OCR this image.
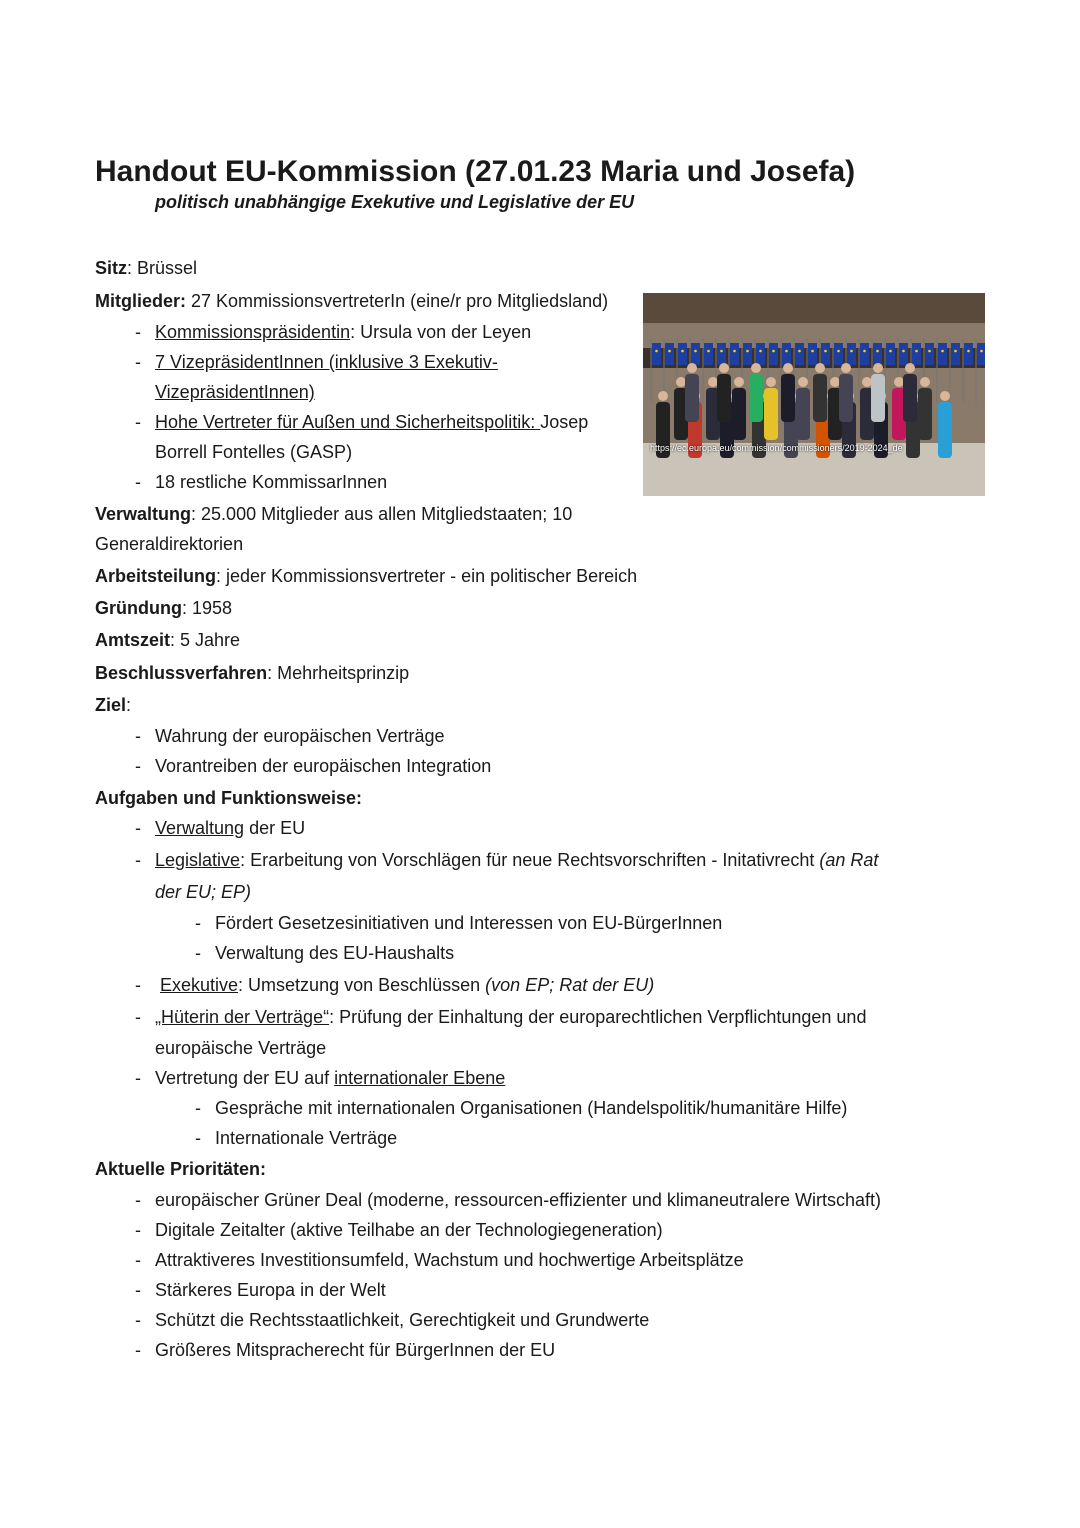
Handout EU-Kommission (27.01.23 Maria und Josefa)
politisch unabhängige Exekutive und Legislative der EU
Sitz: Brüssel
Mitglieder: 27 KommissionsvertreterIn (eine/r pro Mitgliedsland)
- Kommissionspräsidentin: Ursula von der Leyen
- 7 VizepräsidentInnen (inklusive 3 Exekutiv-
VizepräsidentInnen)
- Hohe Vertreter für Außen und Sicherheitspolitik: Josep
Borrell Fontelles (GASP)
- 18 restliche KommissarInnen
https://ec.europa.eu/commission/commissioners/2019-2024_de
Verwaltung: 25.000 Mitglieder aus allen Mitgliedstaaten; 10
Generaldirektorien
Arbeitsteilung: jeder Kommissionsvertreter - ein politischer Bereich
Gründung: 1958
Amtszeit: 5 Jahre
Beschlussverfahren: Mehrheitsprinzip
Ziel:
- Wahrung der europäischen Verträge
- Vorantreiben der europäischen Integration
Aufgaben und Funktionsweise:
- Verwaltung der EU
- Legislative: Erarbeitung von Vorschlägen für neue Rechtsvorschriften - Initativrecht (an Rat
der EU; EP)
- Fördert Gesetzesinitiativen und Interessen von EU-BürgerInnen
- Verwaltung des EU-Haushalts
- Exekutive: Umsetzung von Beschlüssen (von EP; Rat der EU)
- „Hüterin der Verträge“: Prüfung der Einhaltung der europarechtlichen Verpflichtungen und
europäische Verträge
- Vertretung der EU auf internationaler Ebene
- Gespräche mit internationalen Organisationen (Handelspolitik/humanitäre Hilfe)
- Internationale Verträge
Aktuelle Prioritäten:
- europäischer Grüner Deal (moderne, ressourcen-effizienter und klimaneutralere Wirtschaft)
- Digitale Zeitalter (aktive Teilhabe an der Technologiegeneration)
- Attraktiveres Investitionsumfeld, Wachstum und hochwertige Arbeitsplätze
- Stärkeres Europa in der Welt
- Schützt die Rechtsstaatlichkeit, Gerechtigkeit und Grundwerte
- Größeres Mitspracherecht für BürgerInnen der EU
